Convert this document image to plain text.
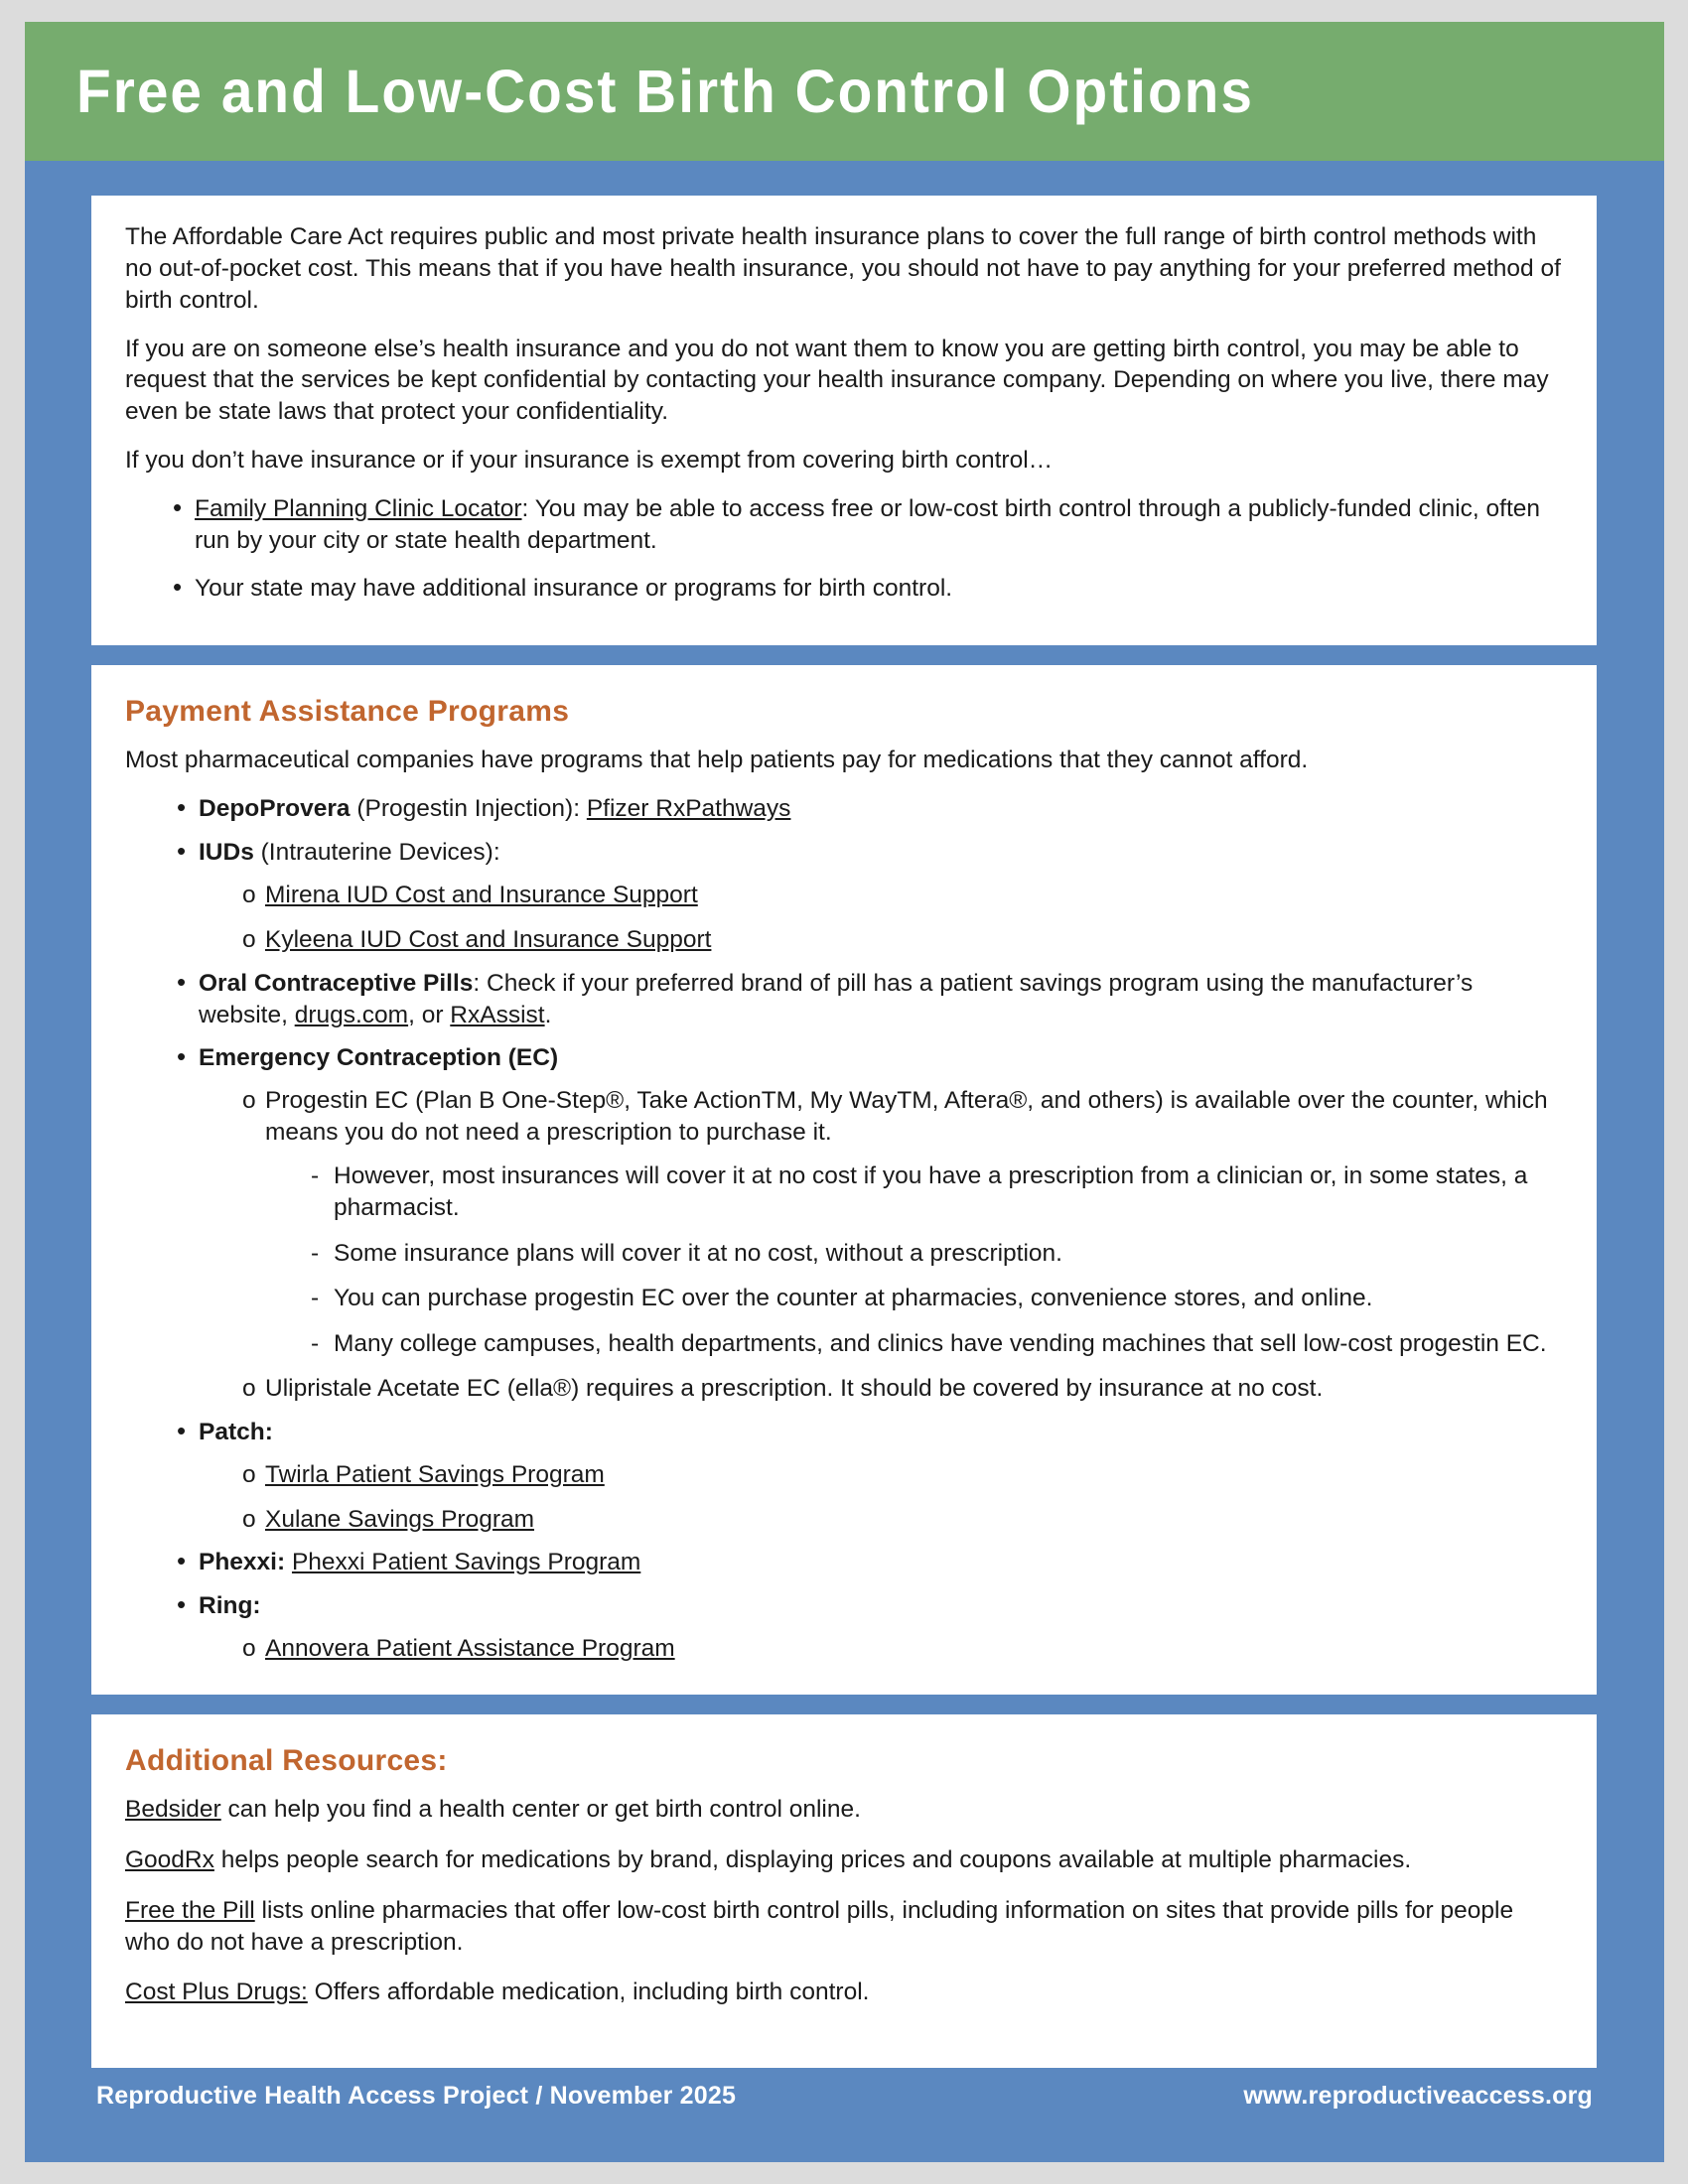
Free and Low-Cost Birth Control Options

The Affordable Care Act requires public and most private health insurance plans to cover the full range of birth control methods with no out-of-pocket cost. This means that if you have health insurance, you should not have to pay anything for your preferred method of birth control.

If you are on someone else’s health insurance and you do not want them to know you are getting birth control, you may be able to request that the services be kept confidential by contacting your health insurance company. Depending on where you live, there may even be state laws that protect your confidentiality.

If you don’t have insurance or if your insurance is exempt from covering birth control…

• Family Planning Clinic Locator: You may be able to access free or low-cost birth control through a publicly-funded clinic, often run by your city or state health department.
• Your state may have additional insurance or programs for birth control.
Payment Assistance Programs

Most pharmaceutical companies have programs that help patients pay for medications that they cannot afford.

• DepoProvera (Progestin Injection): Pfizer RxPathways
• IUDs (Intrauterine Devices):
o Mirena IUD Cost and Insurance Support
o Kyleena IUD Cost and Insurance Support
• Oral Contraceptive Pills: Check if your preferred brand of pill has a patient savings program using the manufacturer’s website, drugs.com, or RxAssist.
• Emergency Contraception (EC)
o Progestin EC (Plan B One-Step®, Take ActionTM, My WayTM, Aftera®, and others) is available over the counter, which means you do not need a prescription to purchase it.
- However, most insurances will cover it at no cost if you have a prescription from a clinician or, in some states, a pharmacist.
- Some insurance plans will cover it at no cost, without a prescription.
- You can purchase progestin EC over the counter at pharmacies, convenience stores, and online.
- Many college campuses, health departments, and clinics have vending machines that sell low-cost progestin EC.
o Ulipristale Acetate EC (ella®) requires a prescription. It should be covered by insurance at no cost.
• Patch:
o Twirla Patient Savings Program
o Xulane Savings Program
• Phexxi: Phexxi Patient Savings Program
• Ring:
o Annovera Patient Assistance Program
Additional Resources:

Bedsider can help you find a health center or get birth control online.

GoodRx helps people search for medications by brand, displaying prices and coupons available at multiple pharmacies.

Free the Pill lists online pharmacies that offer low-cost birth control pills, including information on sites that provide pills for people who do not have a prescription.

Cost Plus Drugs: Offers affordable medication, including birth control.

Reproductive Health Access Project / November 2025	www.reproductiveaccess.org
